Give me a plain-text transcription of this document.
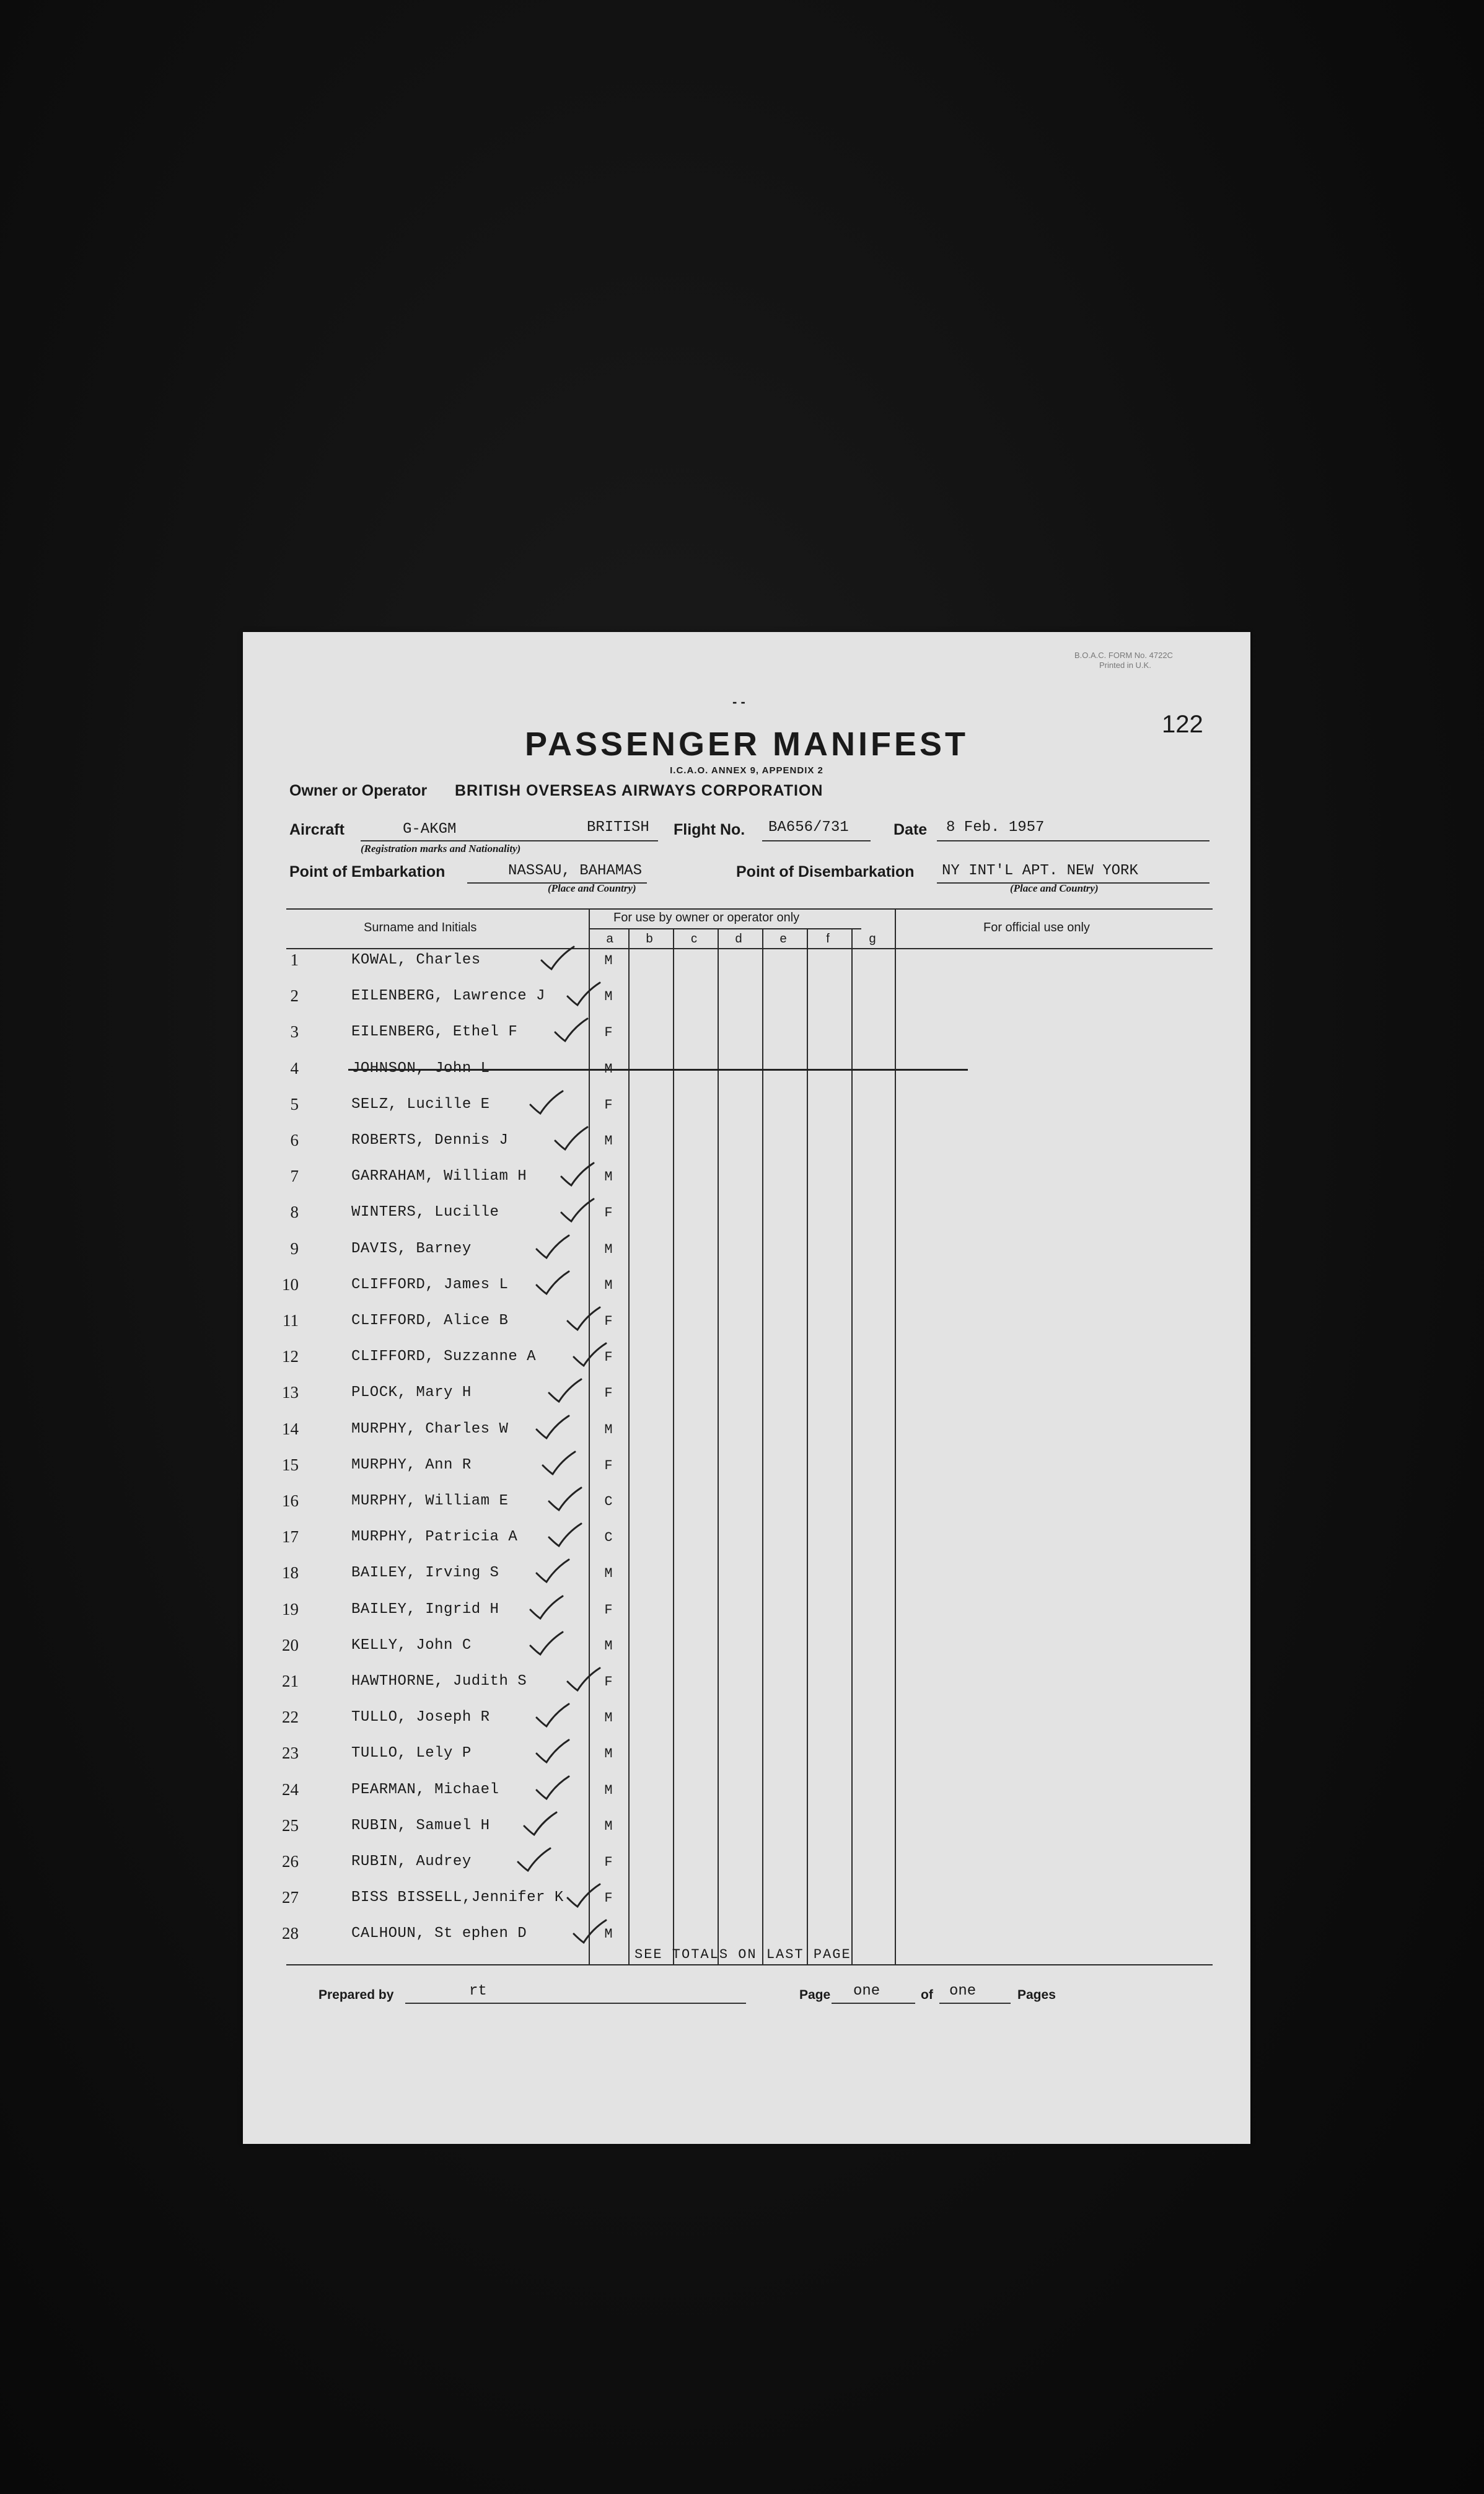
B.O.A.C. FORM No. 4722C
Printed in U.K.
- -
122
PASSENGER MANIFEST
I.C.A.O. ANNEX 9, APPENDIX 2
Owner or Operator BRITISH OVERSEAS AIRWAYS CORPORATION
Aircraft	G-AKGM	BRITISH
(Registration marks and Nationality)
Flight No. BA656/731	Date 8 Feb. 1957
Point of Embarkation	NASSAU, BAHAMAS
(Place and Country)
Point of Disembarkation NY INT'L APT. NEW YORK
(Place and Country)
Surname and Initials
For use by owner or operator only
For official use only
a	b	c	d	e	f	g
1	KOWAL, Charles	M
2	EILENBERG, Lawrence J	M
3	EILENBERG, Ethel F	F
4	JOHNSON, John L	M
5	SELZ, Lucille E	F
6	ROBERTS, Dennis J	M
7	GARRAHAM, William H	M
8	WINTERS, Lucille	F
9	DAVIS, Barney	M
10	CLIFFORD, James L	M
11	CLIFFORD, Alice B	F
12	CLIFFORD, Suzzanne A	F
13	PLOCK, Mary H	F
14	MURPHY, Charles W	M
15	MURPHY, Ann R	F
16	MURPHY, William E	C
17	MURPHY, Patricia A	C
18	BAILEY, Irving S	M
19	BAILEY, Ingrid H	F
20	KELLY, John C	M
21	HAWTHORNE, Judith S	F
22	TULLO, Joseph R	M
23	TULLO, Lely P	M
24	PEARMAN, Michael	M
25	RUBIN, Samuel H	M
26	RUBIN, Audrey	F
27	BISS BISSELL,Jennifer K	F
28	CALHOUN, St ephen D	M
SEE TOTALS ON LAST PAGE
Prepared by	rt	Page one	of one	Pages
